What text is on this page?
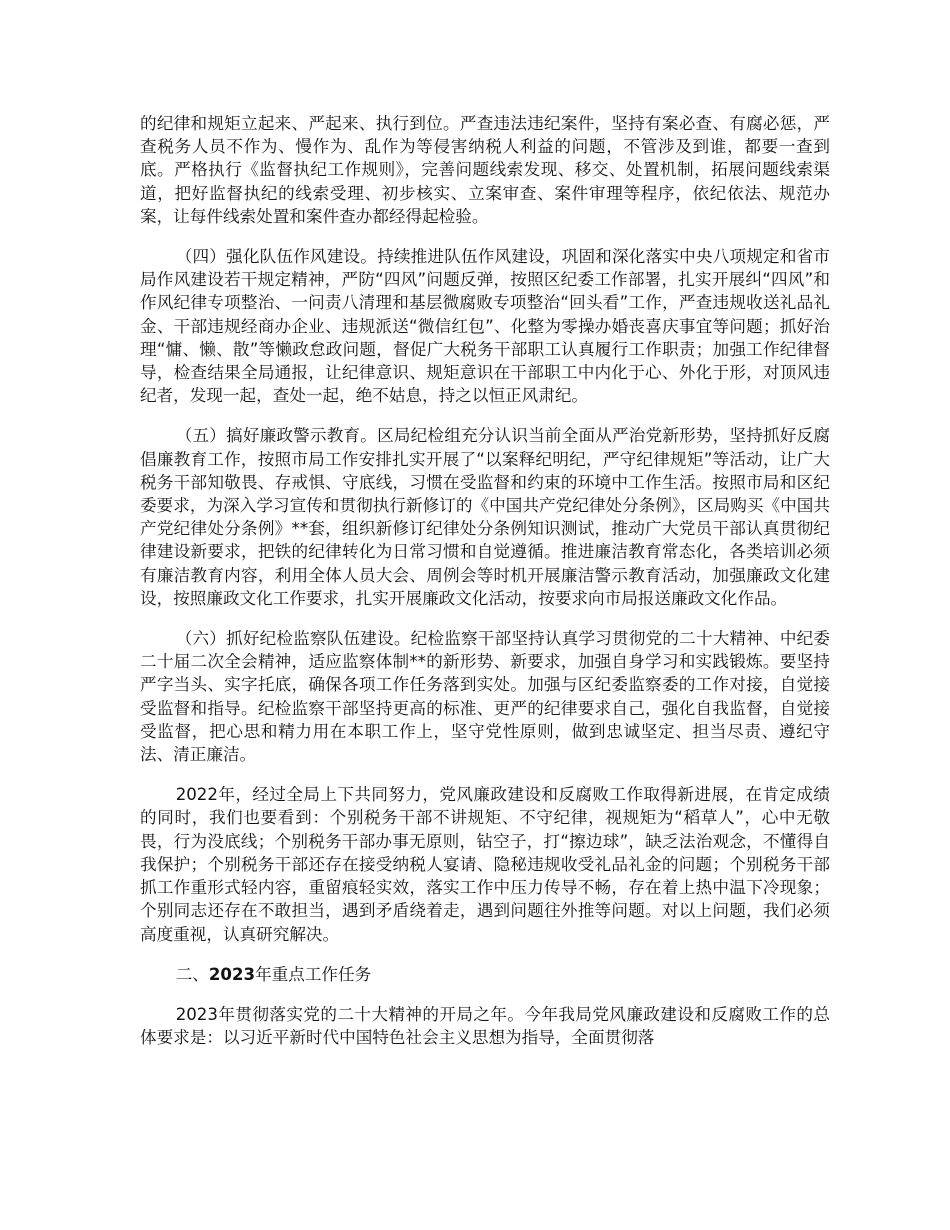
的纪律和规矩立起来、严起来、执行到位。严查违法违纪案件，坚持有案必查、有腐必惩，严查税务人员不作为、慢作为、乱作为等侵害纳税人利益的问题，不管涉及到谁，都要一查到底。严格执行《监督执纪工作规则》，完善问题线索发现、移交、处置机制，拓展问题线索渠道，把好监督执纪的线索受理、初步核实、立案审查、案件审理等程序，依纪依法、规范办案，让每件线索处置和案件查办都经得起检验。

（四）强化队伍作风建设。持续推进队伍作风建设，巩固和深化落实中央八项规定和省市局作风建设若干规定精神，严防“四风”问题反弹，按照区纪委工作部署，扎实开展纠“四风”和作风纪律专项整治、一问责八清理和基层微腐败专项整治“回头看”工作，严查违规收送礼品礼金、干部违规经商办企业、违规派送“微信红包”、化整为零操办婚丧喜庆事宜等问题；抓好治理“慵、懒、散”等懒政怠政问题，督促广大税务干部职工认真履行工作职责；加强工作纪律督导，检查结果全局通报，让纪律意识、规矩意识在干部职工中内化于心、外化于形，对顶风违纪者，发现一起，查处一起，绝不姑息，持之以恒正风肃纪。

（五）搞好廉政警示教育。区局纪检组充分认识当前全面从严治党新形势，坚持抓好反腐倡廉教育工作，按照市局工作安排扎实开展了“以案释纪明纪，严守纪律规矩”等活动，让广大税务干部知敬畏、存戒惧、守底线，习惯在受监督和约束的环境中工作生活。按照市局和区纪委要求，为深入学习宣传和贯彻执行新修订的《中国共产党纪律处分条例》，区局购买《中国共产党纪律处分条例》**套，组织新修订纪律处分条例知识测试，推动广大党员干部认真贯彻纪律建设新要求，把铁的纪律转化为日常习惯和自觉遵循。推进廉洁教育常态化，各类培训必须有廉洁教育内容，利用全体人员大会、周例会等时机开展廉洁警示教育活动，加强廉政文化建设，按照廉政文化工作要求，扎实开展廉政文化活动，按要求向市局报送廉政文化作品。

（六）抓好纪检监察队伍建设。纪检监察干部坚持认真学习贯彻党的二十大精神、中纪委二十届二次全会精神，适应监察体制**的新形势、新要求，加强自身学习和实践锻炼。要坚持严字当头、实字托底，确保各项工作任务落到实处。加强与区纪委监察委的工作对接，自觉接受监督和指导。纪检监察干部坚持更高的标准、更严的纪律要求自己，强化自我监督，自觉接受监督，把心思和精力用在本职工作上，坚守党性原则，做到忠诚坚定、担当尽责、遵纪守法、清正廉洁。

2022年，经过全局上下共同努力，党风廉政建设和反腐败工作取得新进展，在肯定成绩的同时，我们也要看到：个别税务干部不讲规矩、不守纪律，视规矩为“稻草人”，心中无敬畏，行为没底线；个别税务干部办事无原则，钻空子，打“擦边球”，缺乏法治观念，不懂得自我保护；个别税务干部还存在接受纳税人宴请、隐秘违规收受礼品礼金的问题；个别税务干部抓工作重形式轻内容，重留痕轻实效，落实工作中压力传导不畅，存在着上热中温下冷现象；个别同志还存在不敢担当，遇到矛盾绕着走，遇到问题往外推等问题。对以上问题，我们必须高度重视，认真研究解决。

二、2023年重点工作任务

2023年贯彻落实党的二十大精神的开局之年。今年我局党风廉政建设和反腐败工作的总体要求是：以习近平新时代中国特色社会主义思想为指导，全面贯彻落
